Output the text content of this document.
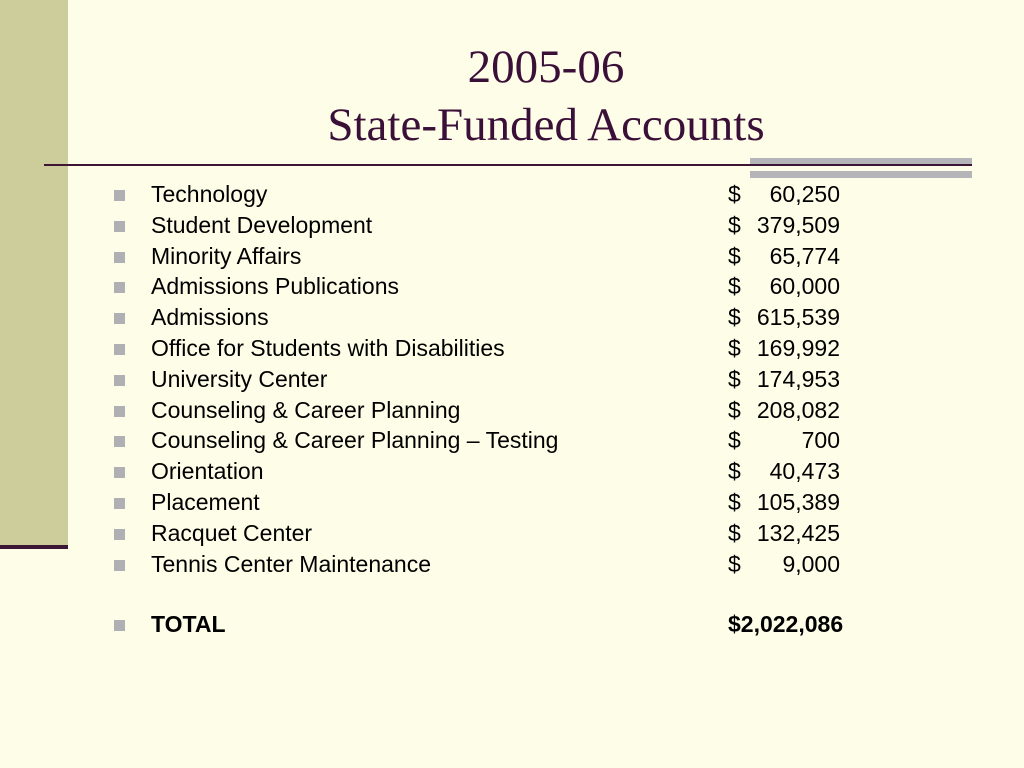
2005-06
State-Funded Accounts
Technology	$ 60,250
Student Development	$ 379,509
Minority Affairs	$ 65,774
Admissions Publications	$ 60,000
Admissions	$ 615,539
Office for Students with Disabilities	$ 169,992
University Center	$ 174,953
Counseling & Career Planning	$ 208,082
Counseling & Career Planning – Testing	$	700
Orientation	$ 40,473
Placement	$ 105,389
Racquet Center	$ 132,425
Tennis Center Maintenance	$ 9,000
TOTAL	$2,022,086
